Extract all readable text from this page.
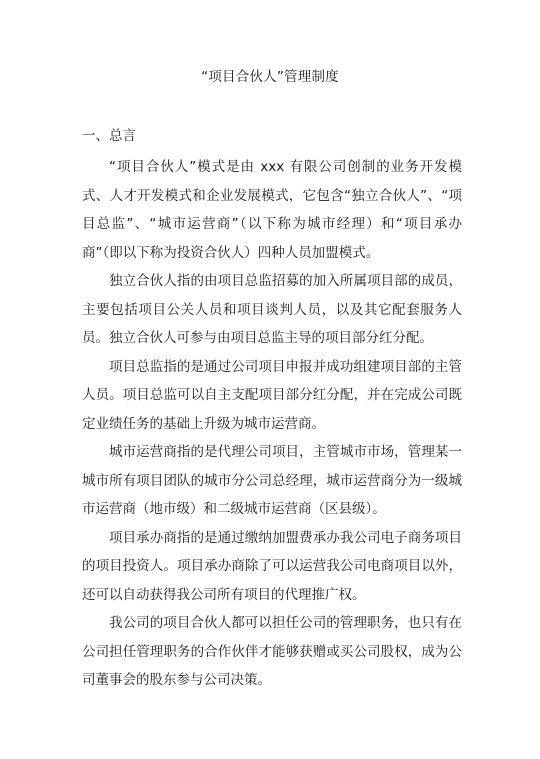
“项目合伙人”管理制度
一、总言

“项目合伙人”模式是由 xxx 有限公司创制的业务开发模式、人才开发模式和企业发展模式，它包含“独立合伙人”、“项目总监”、“城市运营商”（以下称为城市经理）和“项目承办商”（即以下称为投资合伙人）四种人员加盟模式。

独立合伙人指的由项目总监招募的加入所属项目部的成员，主要包括项目公关人员和项目谈判人员，以及其它配套服务人员。独立合伙人可参与由项目总监主导的项目部分红分配。

项目总监指的是通过公司项目申报并成功组建项目部的主管人员。项目总监可以自主支配项目部分红分配，并在完成公司既定业绩任务的基础上升级为城市运营商。

城市运营商指的是代理公司项目，主管城市市场，管理某一城市所有项目团队的城市分公司总经理，城市运营商分为一级城市运营商（地市级）和二级城市运营商（区县级）。

项目承办商指的是通过缴纳加盟费承办我公司电子商务项目的项目投资人。项目承办商除了可以运营我公司电商项目以外，还可以自动获得我公司所有项目的代理推广权。

我公司的项目合伙人都可以担任公司的管理职务，也只有在公司担任管理职务的合作伙伴才能够获赠或买公司股权，成为公司董事会的股东参与公司决策。
